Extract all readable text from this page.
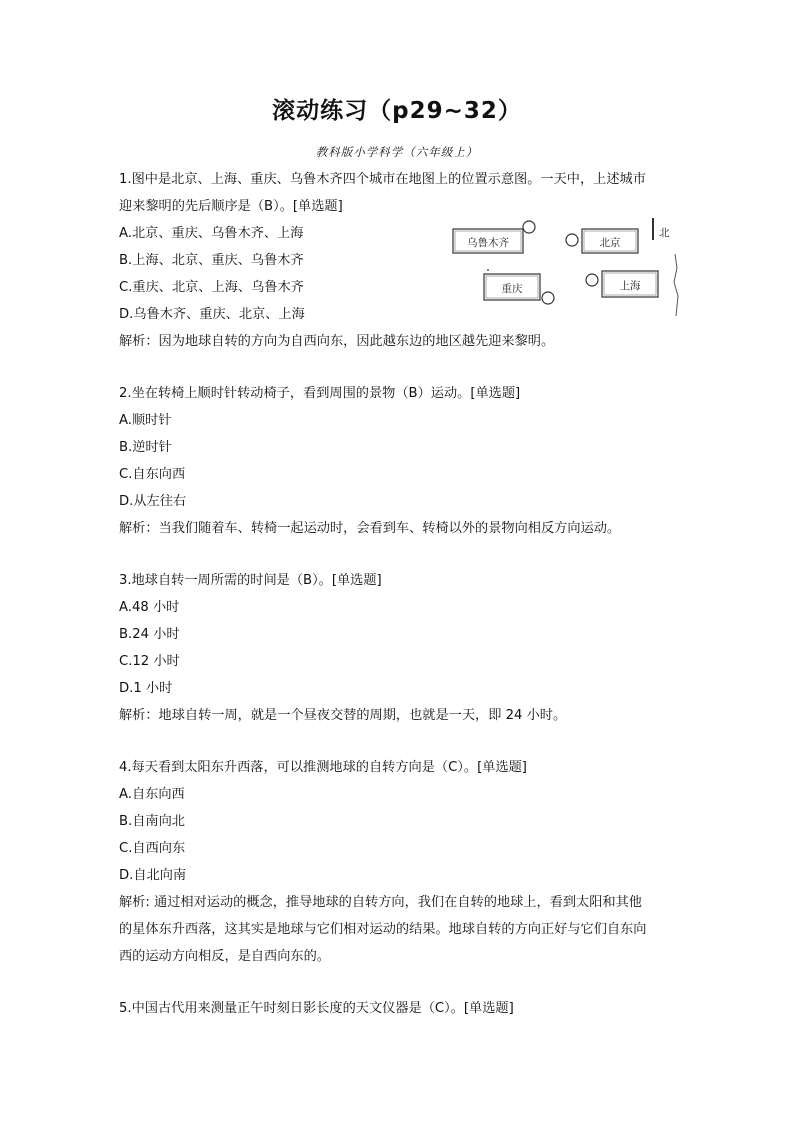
滚动练习（p29~32）
教科版小学科学（六年级上）
1.图中是北京、上海、重庆、乌鲁木齐四个城市在地图上的位置示意图。一天中，上述城市
迎来黎明的先后顺序是（B）。[单选题]
A.北京、重庆、乌鲁木齐、上海
B.上海、北京、重庆、乌鲁木齐
C.重庆、北京、上海、乌鲁木齐
D.乌鲁木齐、重庆、北京、上海
解析：因为地球自转的方向为自西向东，因此越东边的地区越先迎来黎明。
2.坐在转椅上顺时针转动椅子，看到周围的景物（B）运动。[单选题]
A.顺时针
B.逆时针
C.自东向西
D.从左往右
解析：当我们随着车、转椅一起运动时，会看到车、转椅以外的景物向相反方向运动。
3.地球自转一周所需的时间是（B）。[单选题]
A.48 小时
B.24 小时
C.12 小时
D.1 小时
解析：地球自转一周，就是一个昼夜交替的周期，也就是一天，即 24 小时。
4.每天看到太阳东升西落，可以推测地球的自转方向是（C）。[单选题]
A.自东向西
B.自南向北
C.自西向东
D.自北向南
解析: 通过相对运动的概念，推导地球的自转方向，我们在自转的地球上，看到太阳和其他
的星体东升西落，这其实是地球与它们相对运动的结果。地球自转的方向正好与它们自东向
西的运动方向相反，是自西向东的。
5.中国古代用来测量正午时刻日影长度的天文仪器是（C）。[单选题]
乌鲁木齐	北京
北
重庆	上海
